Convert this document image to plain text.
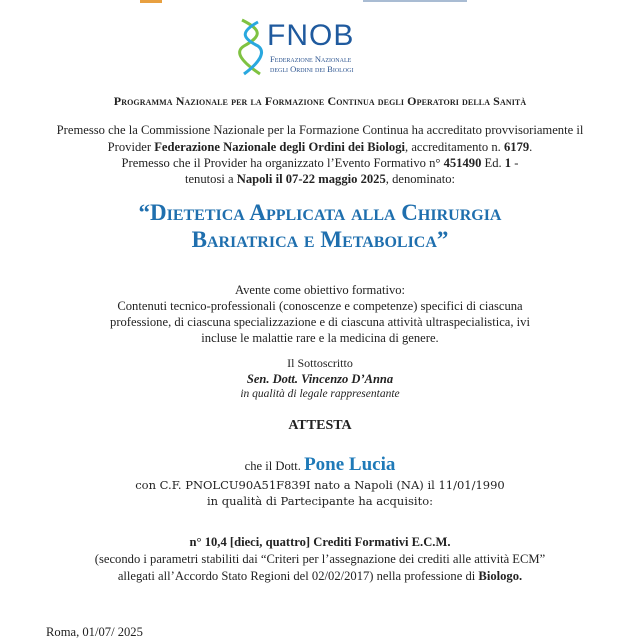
FNOB
Federazione Nazionale
degli Ordini dei Biologi
Programma Nazionale per la Formazione Continua degli Operatori della Sanità
Premesso che la Commissione Nazionale per la Formazione Continua ha accreditato provvisoriamente il
Provider Federazione Nazionale degli Ordini dei Biologi, accreditamento n. 6179.
Premesso che il Provider ha organizzato l’Evento Formativo n° 451490 Ed. 1 -
tenutosi a Napoli il 07-22 maggio 2025, denominato:
“Dietetica Applicata alla Chirurgia
Bariatrica e Metabolica”
Avente come obiettivo formativo:
Contenuti tecnico-professionali (conoscenze e competenze) specifici di ciascuna
professione, di ciascuna specializzazione e di ciascuna attività ultraspecialistica, ivi
incluse le malattie rare e la medicina di genere.
Il Sottoscritto
Sen. Dott. Vincenzo D’Anna
in qualità di legale rappresentante
ATTESTA
che il Dott. Pone Lucia
con C.F. PNOLCU90A51F839I nato a Napoli (NA) il 11/01/1990
in qualità di Partecipante ha acquisito:
n° 10,4 [dieci, quattro] Crediti Formativi E.C.M.
(secondo i parametri stabiliti dai “Criteri per l’assegnazione dei crediti alle attività ECM”
allegati all’Accordo Stato Regioni del 02/02/2017) nella professione di Biologo.
Roma, 01/07/ 2025
